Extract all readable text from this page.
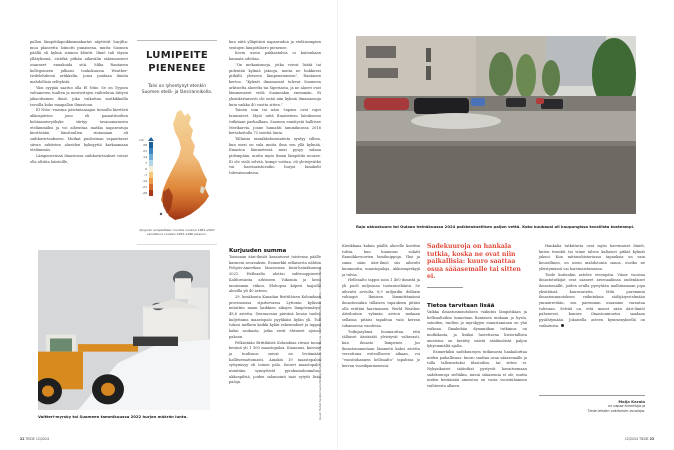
pallon lämpötilapoikkeamakartat näyttivät hurjilta: muu planeetta loimotti punaisena, mutta Suomen päällä oli kylmä sininen klöntti. Ilmiö tuli täysin yllätyksenä, eivätkä pitkän aikavälin sääennusteet osanneet ennakoida sitä. Mika Rantanen kollegoineen julkaisi toukokuussa Weather-tiedelehdessä artikkelin, jossa puidaan ilmiön mahdollisia selityksiä.

Yksi syypää saattoi olla El Niño. Se on Tyynen valtameren tuulten ja merivirtojen vaihteluun liittyvä jaksoittainen ilmiö, joka vaikuttaa mutkikkailla tavoilla koko maapallon ilmastoon.

El Niño -vuosina päiväntasaajan tienoilla kiertävä akkospiivien jono eli pasaatituulten kohtaamisvyöhyke siirtyy tavanomaisesta etelämmäksi ja voi aiheuttaa matkia napaseutuja kiertävään länsituulten rintamaan eli suihkuvirtaukseen. Mutkat puolestaan vapauttavat siivun arktisten alueiden kylmyyttä karkaamaan etelämmäs.

Lämpenevässä ilmastossa suihkuvirtaukset voivat olla alttiita häiriöille,

LUMIPEITE
PIENENEE
Talvi on lyhentynyt etenkin Suomen etelä- ja länsirannikolla.
vrk
28
21
14
7
0
-7
-14
-21
-28
Pysyvän lumipeitteen muutos vuosina 1991–2020 verrattuna vuosien 1961–1990 jaksoon.

kun niitä ylläpitävä napaseudun ja eteläisempien seutujen lämpötilaero pienenee.

Kovin usein pakkastalvia ei kuitenkaan kannata odottaa.

”On mekanismeja, jotka voivat lisätä tai pidentää kylmiä jaksoja, mutta ne hukkuvat pitkälti yleiseen lämpenemiseen”, Rantanen kertoo. ”Kylmät ilmamassat tulevat Suomeen arktiselta alueelta tai Siperiasta, ja ne alueet ovat lämmenneet vielä Suomeakin enemmän. Ei yksinkertaisesti ole enää niin kylmiä ilmamassoja kuin vaikka 40 vuotta sitten.”

Toinen niin tai näin -tapaus ovat rajut lumisateet. Myös niitä Ilmatieteen laitoksessa tutkitaan parhaillaan. Suomen ennätystä hallitsee Merikarvia, jonne humahti tammikuussa 2016 kertaheitolla 73 senttiä lunta.

Tällaisia rannikkolumisateita syntyy silloin, kun meri on sula mutta ilma sen yllä kylmää. Ilmaston lämmetessä meri pysyy sulana pidempään, mutta myös ilman lämpötila nousee. Ei ole vielä selvää, kumpi voittaa, eli yleistyvätkö vai harvinaistuvatko hurjat lumikelit tulevaisuudessa.

Raju ukkoskuuro toi Oulaan heinäkuussa 2024 poikkeuksellisen paljon vettä. Koko kuukausi oli kaupungissa tavallista kosteampi.
Valtteri-myrsky toi Suomeen tammikuussa 2022 hurjan määrän lunta.	Kuvat: Heikki Saukkomaa/Lehtikuva/Getty Images ja Vilja Harjula, Grafiikka: Matti Rantanen. Lähde: Ilmatieteen laitos.
Kurjuuden summa

Toisinaan ääri-ilmiöt kasautuvat toistensa päälle karmein seurauksin. Esimerkki sellaisesta nähtiin Pohjois-Amerikan länsiosissa kesä-heinäkuussa 2021. Helleaalto ulottui subtrooppisesta Kaliforniasta arktiseen Yukoniin ja kesti muutaman viikon. Elohopea kiipesi laajoilla alueilla yli 40 asteen.

29. kesäkuuta Kanadan Brittiläisen Kolumbian provinssissa sijaitsevassa Lyttonin kylässä mitattiin maan kaikkien aikojen lämpöennätys, 49,6 astetta. Seuraavana päivänä kovan tuulen kuljettama maastopalo pyyhkäisi kylän yli. Tuli tuhosi melkein kaikki kylän rakennukset ja tappoi kaksi asukasta, jotka eivät ehtineet ajoissa pakoon.

Pelkästään Brittiläistä Kolumbiaa riivasi tuona kesänä yli 1 500 maastopaloa. Kuumuus, kuivuus ja tuulisuus saivat ne leviämään hallitsemattomasti. Ainakin 19 maastopalon syttymisyy oli toinen palo. Suuret maastopalot nimittäin synnyttivät pyrokumulonimbus-ukkospilviä, joiden salamointi taas sytytti lisää paloja.

Kirsikkana kakun päällä alueelle koettiin tulvia, kun kuumuus sulatti Rannikkovuorten lumihuippuja. Yksi ja sama sään ääri-ilmiö siis aiheutti kuumuutta, maastopaloja, ukkosmyrskyjä ja tulvia.

Helleaalto tappoi noin 1 400 ihmistä ja yli puoli miljoonaa tuotantoeläintä. Se aiheutti arviolta 8,9 miljardin dollarin vahingot. Ihmisen lämmittämässä ilmastossakin tällaisen tapauksen pitäisi olla erittäin harvinainen. World Weather Attribution -ryhmän arvion mukaan sellaisia pitäisi tapahtua vain kerran tuhannessa vuodessa.

Tutkijaryhmä huomauttaa, että tällaiset ääriäsäät yleistyvät valtavasti, kun ilmasto lämpenee. Jos ilmastonannetaan lämmetä kaksi astetta verrattuna esiteolliseen aikaan, voi ”vuosituhannen helleaalto” tapahtua jo kerran vuosikymmenessä.

Sadekuuroja on hankala tutkia, koska ne ovat niin paikallisia: kuuro saattaa osua sääasemalle tai sitten ei.
Tietoa tarvitaan lisää

Vaikka ilmastonmuutoksen vaikutus lämpötilaan ja helleaaltoihin tunnetaan Rantasen mukaan jo hyvin, sateiden, tuulten ja myrskyjen ennustaminen on yhä vaikeaa. Ilmakehän dynamiikan tutkimus on mutkikasta, ja lisäksi luotettavaa historiallista aineistoa on kerätty näistä sääilmiöistä paljon lyhyemmältä ajalta.

Esimerkiksi sadekuurojen tutkimusta hankaloittaa niiden paikallisuus: kuuro saattaa osua sääasemalle ja tulla tallennetuksi tilastoihin, tai sitten ei. Nykyaikaiset säätutkat pystyvät havaitsemaan sadekuuroja sieltäkin, missä sääasemia ei ole, mutta niiden keräämää aineistoa on vasta vuosituhannen vaihteesta alkaen.

Hankalia tutkittavia ovat myös harvinaiset ilmiöt, kuten trombit tai viime talven kaltaiset pitkät kylmät jaksot. Kun mittaushistoriassa tapauksia on vain kourallinen, on usein mahdotonta sanoa, ovatko ne yleistymässä vai harvinaistumassa.

Tiede kuitenkin astelee eteenpäin. Viime vuosina ilmastotutkijat ovat saaneet arsenaaliinsa uudenlaiset ilmastomallit, joiden avulla pystytään mallintamaan jopa yksittäisiä kuurosateita. Mitä paremmin ilmastonmuutoksen vaikutuksia säilöjärjestelmään ymmärretään, sen paremmin osaamme varautua tulevaan. Selvää on, että monet sään ääri-ilmiöt pahenevat, kunnes ilmastonmuutos saadaan pysähtymään. Jokaisella asteen kymmenyksellä on vaikutusta.

Maija Karala
on vapaa toimittaja ja
Tiede-lehden vakituinen avustaja.
22 TIEDE 12/2024	12/2024 TIEDE 23
